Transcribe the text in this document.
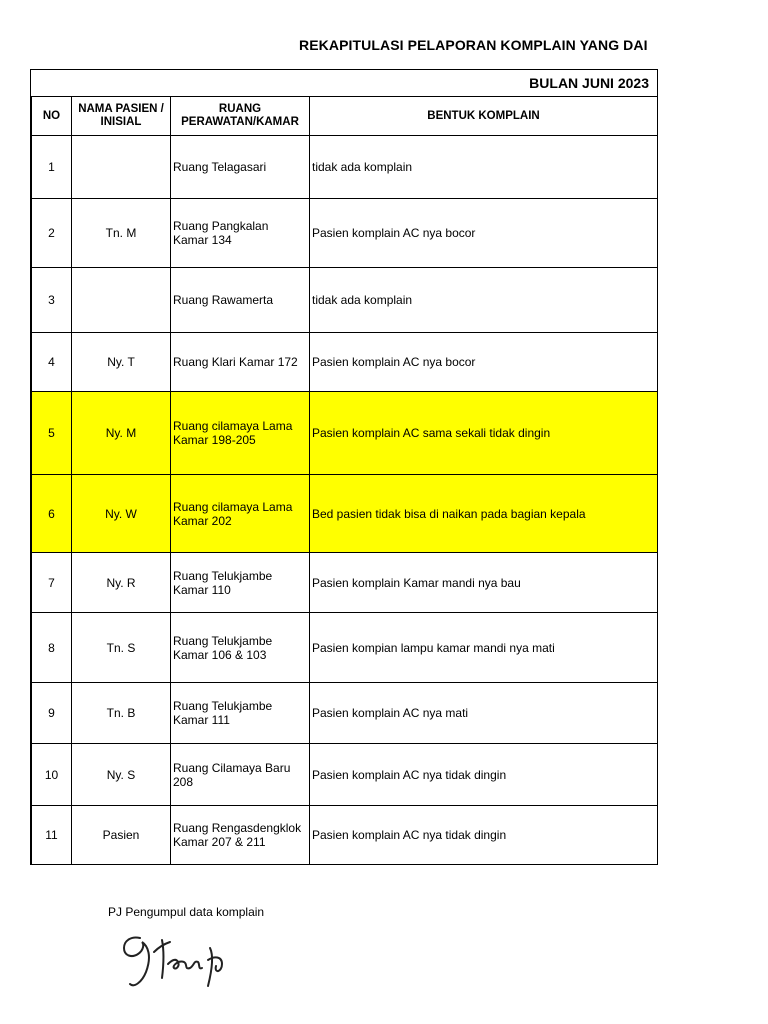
REKAPITULASI PELAPORAN KOMPLAIN YANG DAI
BULAN JUNI 2023			
NO	NAMA PASIEN / INISIAL	RUANG PERAWATAN/KAMAR	BENTUK KOMPLAIN
1		Ruang Telagasari	tidak ada komplain
2	Tn. M	Ruang Pangkalan Kamar 134	Pasien komplain AC nya bocor
3		Ruang Rawamerta	tidak ada komplain
4	Ny. T	Ruang Klari Kamar 172	Pasien komplain AC nya bocor
5	Ny. M	Ruang cilamaya Lama Kamar 198-205	Pasien komplain AC sama sekali tidak dingin
6	Ny. W	Ruang cilamaya Lama Kamar 202	Bed pasien tidak bisa di naikan pada bagian kepala
7	Ny. R	Ruang Telukjambe Kamar 110	Pasien komplain Kamar mandi nya bau
8	Tn. S	Ruang Telukjambe Kamar 106 & 103	Pasien kompian lampu kamar mandi nya mati
9	Tn. B	Ruang Telukjambe Kamar 111	Pasien komplain AC nya mati
10	Ny. S	Ruang Cilamaya Baru 208	Pasien komplain AC nya tidak dingin
11	Pasien	Ruang Rengasdengklok Kamar 207 & 211	Pasien komplain AC nya tidak dingin
PJ Pengumpul data komplain
